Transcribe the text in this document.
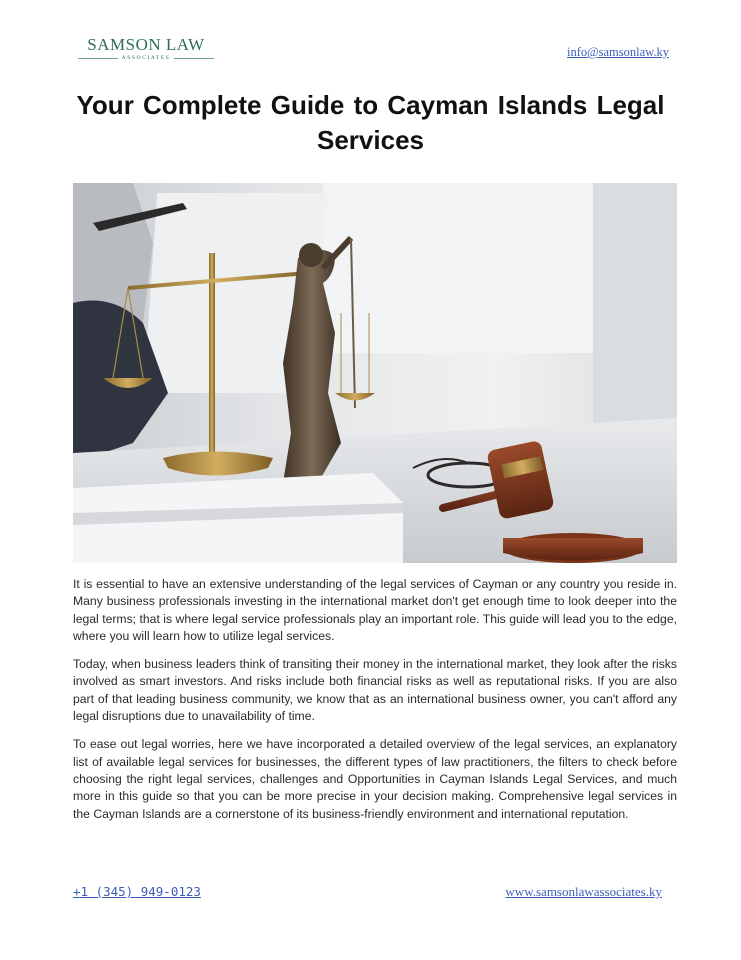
SAMSON LAW
ASSOCIATES	info@samsonlaw.ky
Your Complete Guide to Cayman Islands Legal Services

It is essential to have an extensive understanding of the legal services of Cayman or any country you reside in. Many business professionals investing in the international market don't get enough time to look deeper into the legal terms; that is where legal service professionals play an important role. This guide will lead you to the edge, where you will learn how to utilize legal services.

Today, when business leaders think of transiting their money in the international market, they look after the risks involved as smart investors. And risks include both financial risks as well as reputational risks. If you are also part of that leading business community, we know that as an international business owner, you can't afford any legal disruptions due to unavailability of time.

To ease out legal worries, here we have incorporated a detailed overview of the legal services, an explanatory list of available legal services for businesses, the different types of law practitioners, the filters to check before choosing the right legal services, challenges and Opportunities in Cayman Islands Legal Services, and much more in this guide so that you can be more precise in your decision making. Comprehensive legal services in the Cayman Islands are a cornerstone of its business-friendly environment and international reputation.

+1 (345) 949-0123	www.samsonlawassociates.ky
